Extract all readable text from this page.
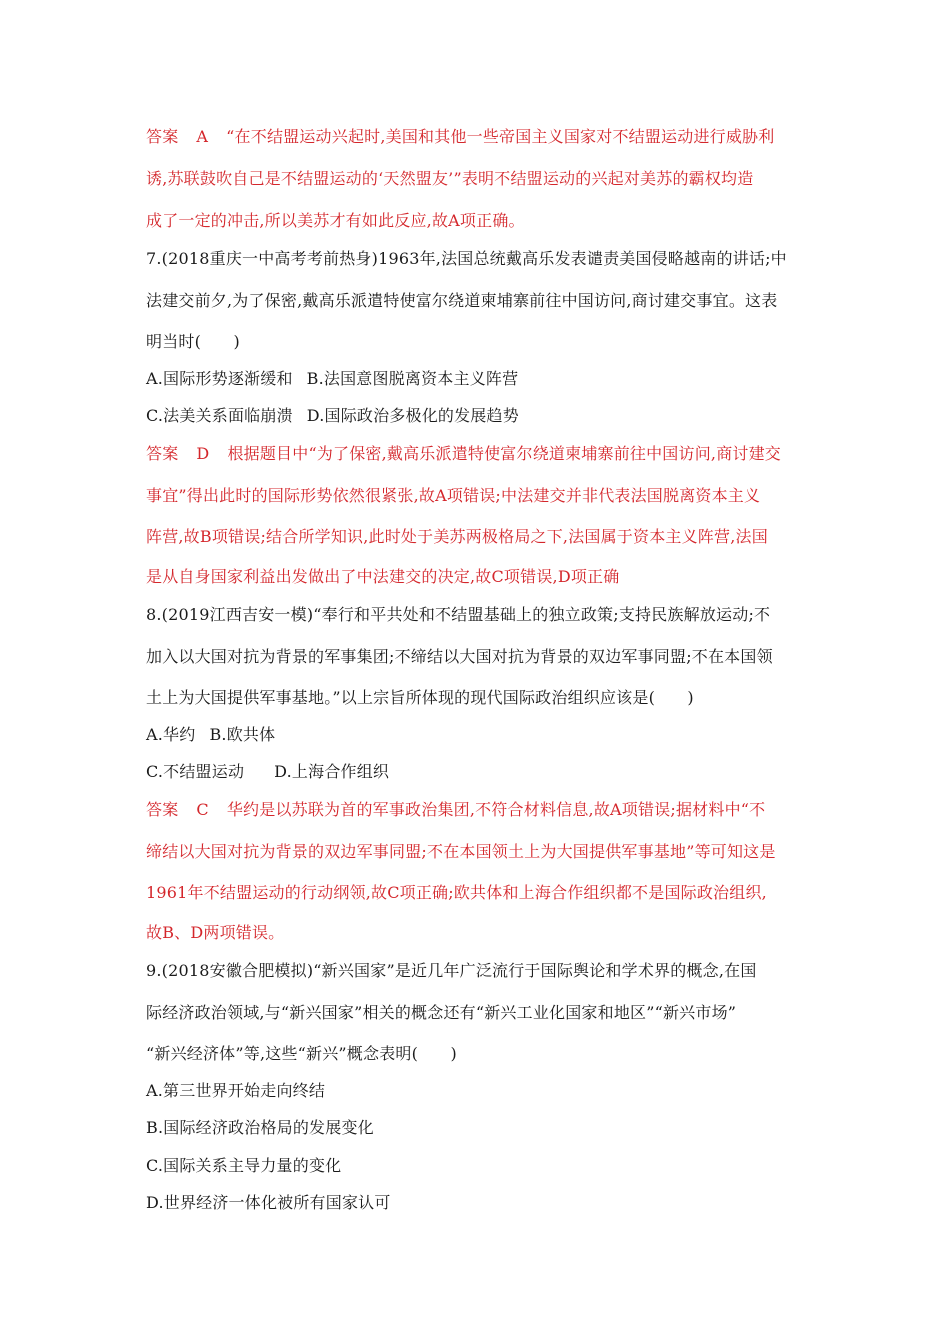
答案 A “在不结盟运动兴起时,美国和其他一些帝国主义国家对不结盟运动进行威胁利
诱,苏联鼓吹自己是不结盟运动的‘天然盟友’”表明不结盟运动的兴起对美苏的霸权均造
成了一定的冲击,所以美苏才有如此反应,故A项正确。
7.(2018重庆一中高考考前热身)1963年,法国总统戴高乐发表谴责美国侵略越南的讲话;中
法建交前夕,为了保密,戴高乐派遣特使富尔绕道柬埔寨前往中国访问,商讨建交事宜。这表
明当时(　　)
A.国际形势逐渐缓和 B.法国意图脱离资本主义阵营
C.法美关系面临崩溃 D.国际政治多极化的发展趋势
答案 D 根据题目中“为了保密,戴高乐派遣特使富尔绕道柬埔寨前往中国访问,商讨建交
事宜”得出此时的国际形势依然很紧张,故A项错误;中法建交并非代表法国脱离资本主义
阵营,故B项错误;结合所学知识,此时处于美苏两极格局之下,法国属于资本主义阵营,法国
是从自身国家利益出发做出了中法建交的决定,故C项错误,D项正确
8.(2019江西吉安一模)“奉行和平共处和不结盟基础上的独立政策;支持民族解放运动;不
加入以大国对抗为背景的军事集团;不缔结以大国对抗为背景的双边军事同盟;不在本国领
土上为大国提供军事基地。”以上宗旨所体现的现代国际政治组织应该是(　　)
A.华约 B.欧共体
C.不结盟运动 D.上海合作组织
答案 C 华约是以苏联为首的军事政治集团,不符合材料信息,故A项错误;据材料中“不
缔结以大国对抗为背景的双边军事同盟;不在本国领土上为大国提供军事基地”等可知这是
1961年不结盟运动的行动纲领,故C项正确;欧共体和上海合作组织都不是国际政治组织,
故B、D两项错误。
9.(2018安徽合肥模拟)“新兴国家”是近几年广泛流行于国际舆论和学术界的概念,在国
际经济政治领域,与“新兴国家”相关的概念还有“新兴工业化国家和地区”“新兴市场”
“新兴经济体”等,这些“新兴”概念表明(　　)
A.第三世界开始走向终结
B.国际经济政治格局的发展变化
C.国际关系主导力量的变化
D.世界经济一体化被所有国家认可
